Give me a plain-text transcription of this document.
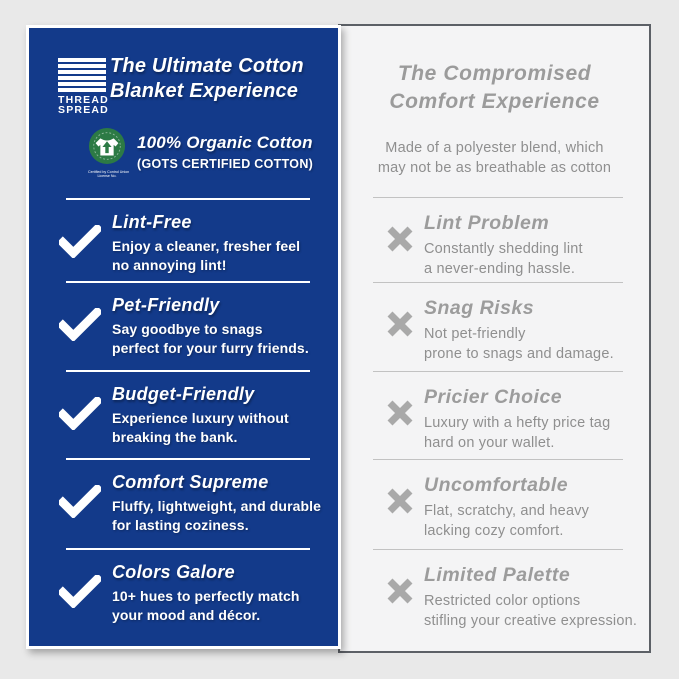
The Compromised
Comfort Experience
Made of a polyester blend, which
may not be as breathable as cotton
Lint Problem
Constantly shedding lint
a never-ending hassle.
Snag Risks
Not pet-friendly
prone to snags and damage.
Pricier Choice
Luxury with a hefty price tag
hard on your wallet.
Uncomfortable
Flat, scratchy, and heavy
lacking cozy comfort.
Limited Palette
Restricted color options
stifling your creative expression.
THREAD
SPREAD
The Ultimate Cotton
Blanket Experience
Certified by Control Union
License No.
100% Organic Cotton
(GOTS CERTIFIED COTTON)
Lint-Free
Enjoy a cleaner, fresher feel
no annoying lint!
Pet-Friendly
Say goodbye to snags
perfect for your furry friends.
Budget-Friendly
Experience luxury without
breaking the bank.
Comfort Supreme
Fluffy, lightweight, and durable
for lasting coziness.
Colors Galore
10+ hues to perfectly match
your mood and décor.
